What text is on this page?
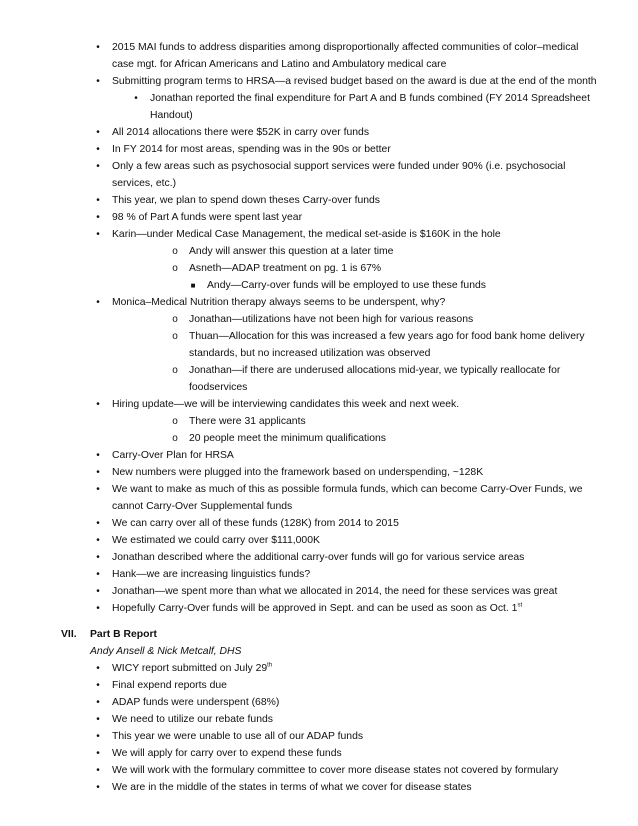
•	2015 MAI funds to address disparities among disproportionally affected communities of color–medical case mgt. for African Americans and Latino and Ambulatory medical care
•	Submitting program terms to HRSA—a revised budget based on the award is due at the end of the month
•	Jonathan reported the final expenditure for Part A and B funds combined (FY 2014 Spreadsheet Handout)
•	All 2014 allocations there were $52K in carry over funds
•	In FY 2014 for most areas, spending was in the 90s or better
•	Only a few areas such as psychosocial support services were funded under 90% (i.e. psychosocial services, etc.)
•	This year, we plan to spend down theses Carry-over funds
•	98 % of Part A funds were spent last year
•	Karin—under Medical Case Management, the medical set-aside is $160K in the hole
o	Andy will answer this question at a later time
o	Asneth—ADAP treatment on pg. 1 is 67%
■	Andy—Carry-over funds will be employed to use these funds
•	Monica–Medical Nutrition therapy always seems to be underspent, why?
o	Jonathan—utilizations have not been high for various reasons
o	Thuan—Allocation for this was increased a few years ago for food bank home delivery standards, but no increased utilization was observed
o	Jonathan—if there are underused allocations mid-year, we typically reallocate for foodservices
•	Hiring update—we will be interviewing candidates this week and next week.
o	There were 31 applicants
o	20 people meet the minimum qualifications
•	Carry-Over Plan for HRSA
•	New numbers were plugged into the framework based on underspending, ~128K
•	We want to make as much of this as possible formula funds, which can become Carry-Over Funds, we cannot Carry-Over Supplemental funds
•	We can carry over all of these funds (128K) from 2014 to 2015
•	We estimated we could carry over $111,000K
•	Jonathan described where the additional carry-over funds will go for various service areas
•	Hank—we are increasing linguistics funds?
•	Jonathan—we spent more than what we allocated in 2014, the need for these services was great
•	Hopefully Carry-Over funds will be approved in Sept. and can be used as soon as Oct. 1st
VII. Part B Report
Andy Ansell & Nick Metcalf, DHS
•	WICY report submitted on July 29th
•	Final expend reports due
•	ADAP funds were underspent (68%)
•	We need to utilize our rebate funds
•	This year we were unable to use all of our ADAP funds
•	We will apply for carry over to expend these funds
•	We will work with the formulary committee to cover more disease states not covered by formulary
•	We are in the middle of the states in terms of what we cover for disease states
